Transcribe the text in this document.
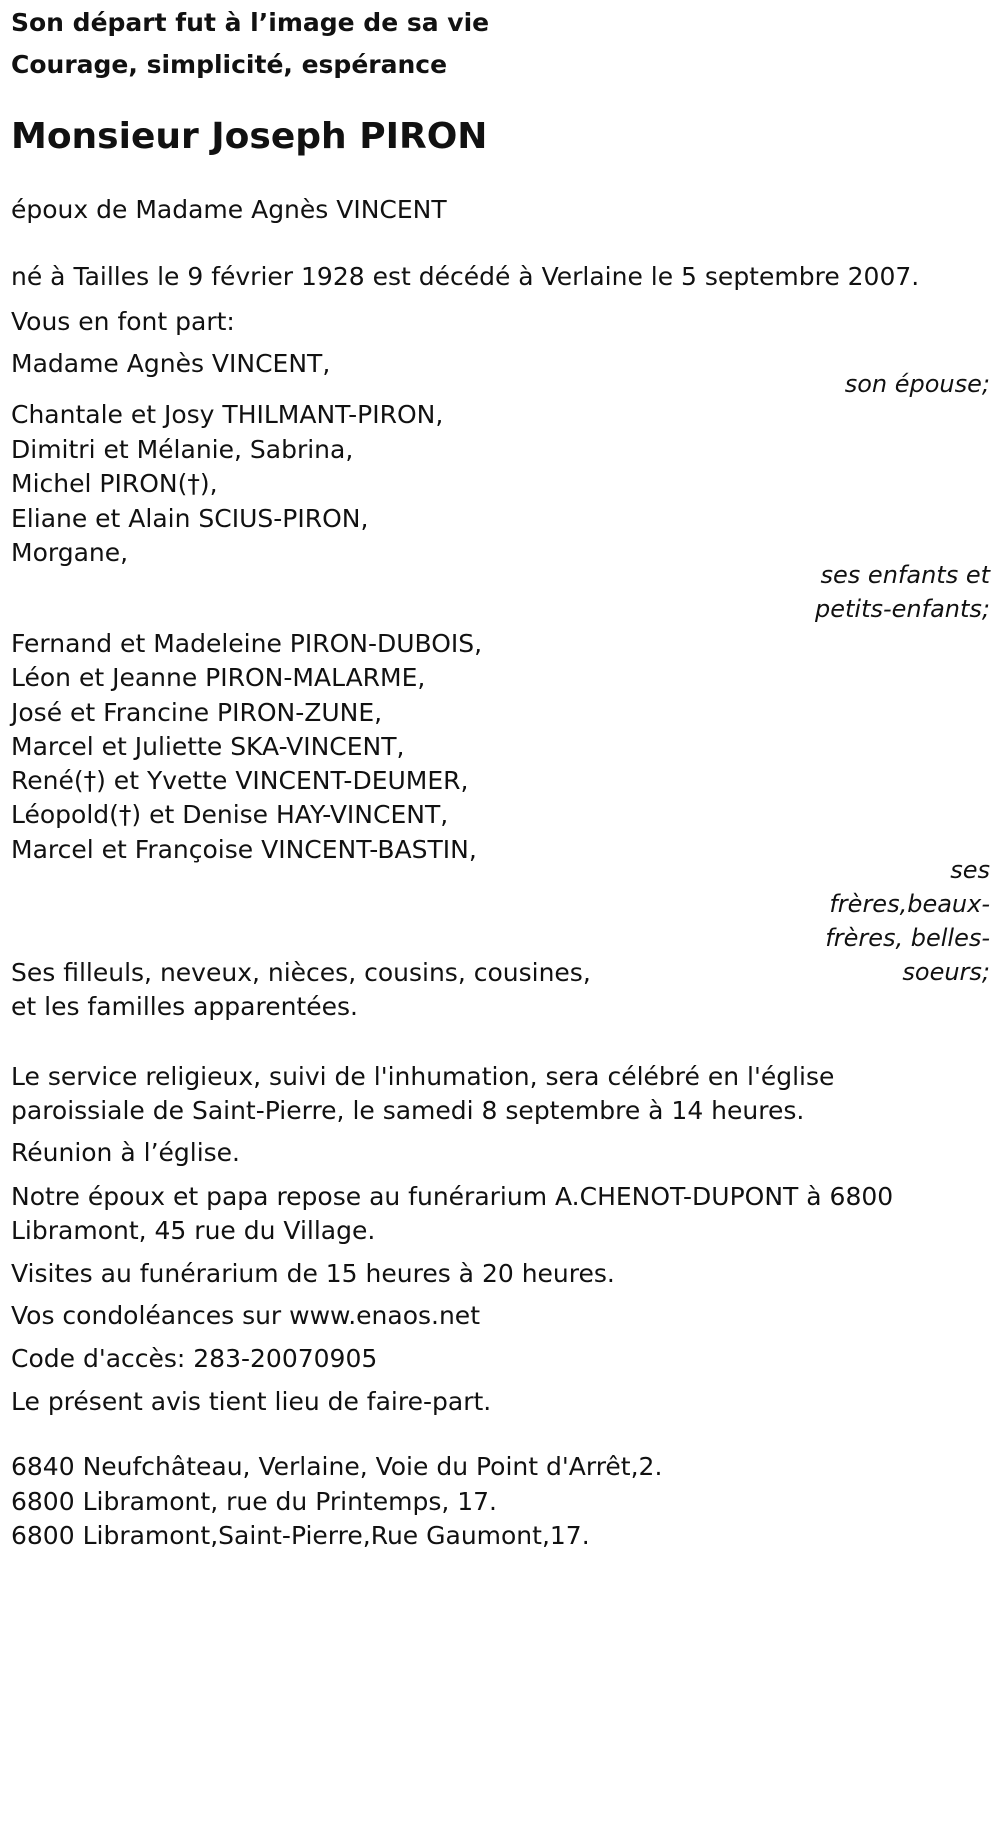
Son départ fut à l’image de sa vie
Courage, simplicité, espérance
Monsieur Joseph PIRON
époux de Madame Agnès VINCENT
né à Tailles le 9 février 1928 est décédé à Verlaine le 5 septembre 2007.
Vous en font part:
Madame Agnès VINCENT,
son épouse;
Chantale et Josy THILMANT-PIRON,
Dimitri et Mélanie, Sabrina,
Michel PIRON(†),
Eliane et Alain SCIUS-PIRON,
Morgane,
ses enfants et petits-enfants;
Fernand et Madeleine PIRON-DUBOIS,
Léon et Jeanne PIRON-MALARME,
José et Francine PIRON-ZUNE,
Marcel et Juliette SKA-VINCENT,
René(†) et Yvette VINCENT-DEUMER,
Léopold(†) et Denise HAY-VINCENT,
Marcel et Françoise VINCENT-BASTIN,
ses frères,beaux-frères, belles-soeurs;
Ses filleuls, neveux, nièces, cousins, cousines,
et les familles apparentées.
Le service religieux, suivi de l'inhumation, sera célébré en l'église paroissiale de Saint-Pierre, le samedi 8 septembre à 14 heures.
Réunion à l’église.
Notre époux et papa repose au funérarium A.CHENOT-DUPONT à 6800 Libramont, 45 rue du Village.
Visites au funérarium de 15 heures à 20 heures.
Vos condoléances sur www.enaos.net
Code d'accès: 283-20070905
Le présent avis tient lieu de faire-part.
6840 Neufchâteau, Verlaine, Voie du Point d'Arrêt,2.
6800 Libramont, rue du Printemps, 17.
6800 Libramont,Saint-Pierre,Rue Gaumont,17.
